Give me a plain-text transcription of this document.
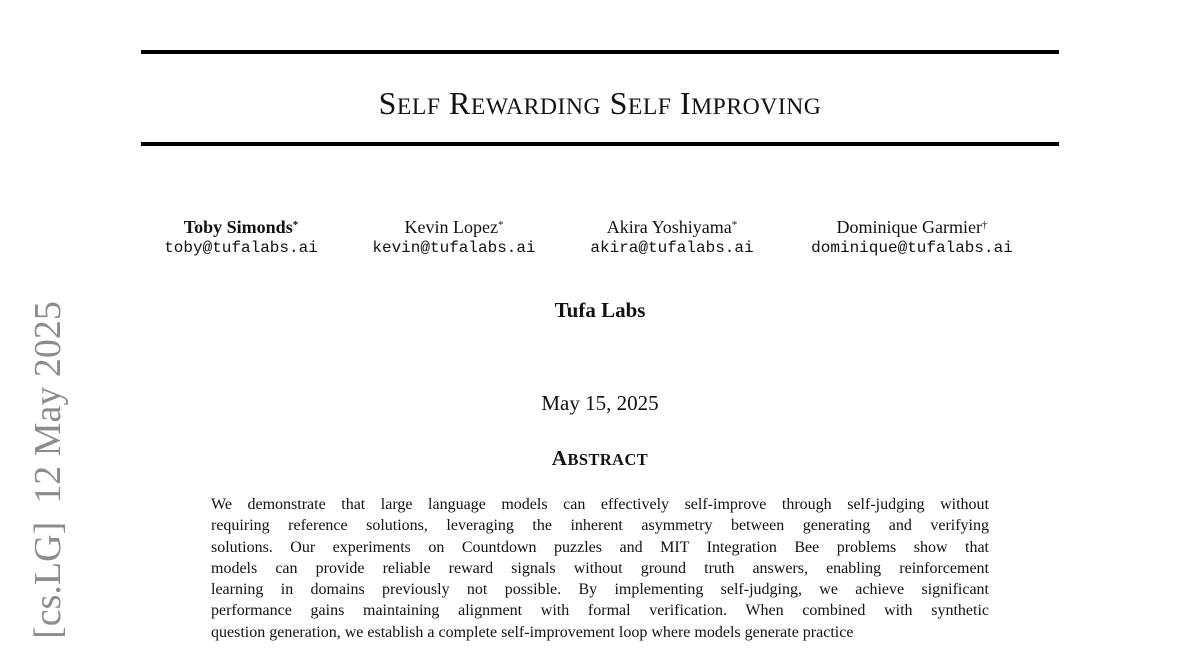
SELF REWARDING SELF IMPROVING
Toby Simonds*
toby@tufalabs.ai
Kevin Lopez*
kevin@tufalabs.ai
Akira Yoshiyama*
akira@tufalabs.ai
Dominique Garmier†
dominique@tufalabs.ai
Tufa Labs
May 15, 2025
ABSTRACT
We demonstrate that large language models can effectively self-improve through self-judging without
requiring reference solutions, leveraging the inherent asymmetry between generating and verifying
solutions. Our experiments on Countdown puzzles and MIT Integration Bee problems show that
models can provide reliable reward signals without ground truth answers, enabling reinforcement
learning in domains previously not possible. By implementing self-judging, we achieve significant
performance gains maintaining alignment with formal verification. When combined with synthetic
question generation, we establish a complete self-improvement loop where models generate practice
[cs.LG]12 May 2025
